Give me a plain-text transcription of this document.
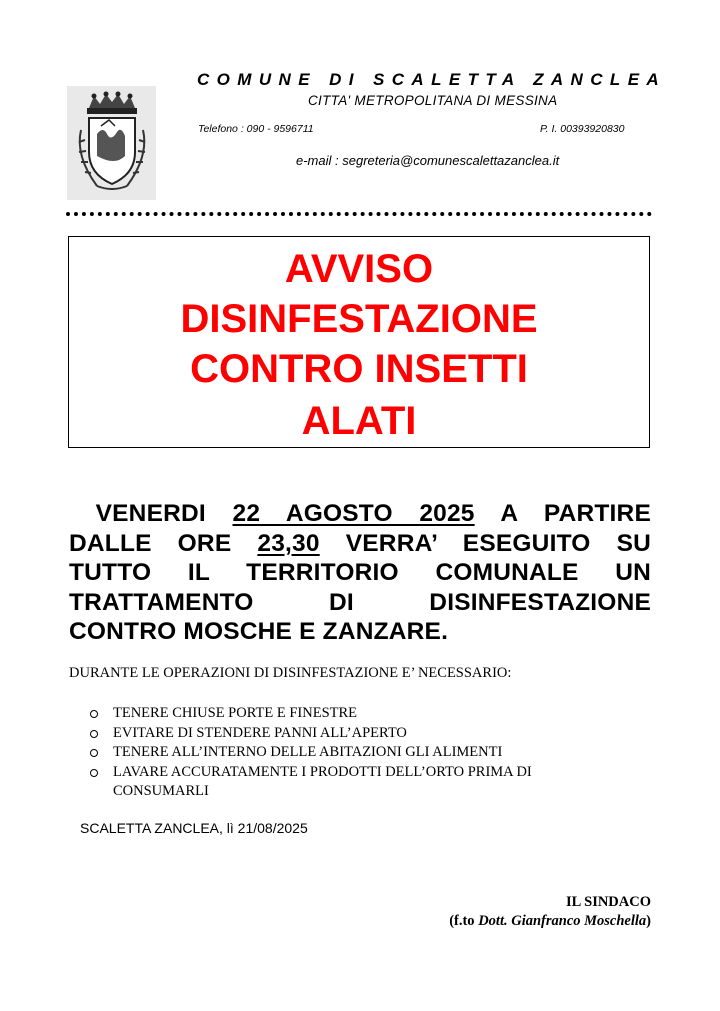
COMUNE DI SCALETTA ZANCLEA
CITTA' METROPOLITANA DI MESSINA
Telefono : 090 - 9596711	P. I. 00393920830
e-mail : segreteria@comunescalettazanclea.it
AVVISO
DISINFESTAZIONE
CONTRO INSETTI
ALATI
VENERDI 22 AGOSTO 2025 A PARTIRE
DALLE ORE 23,30 VERRA’ ESEGUITO SU
TUTTO IL TERRITORIO COMUNALE UN
TRATTAMENTO DI DISINFESTAZIONE
CONTRO MOSCHE E ZANZARE.
DURANTE LE OPERAZIONI DI DISINFESTAZIONE E’ NECESSARIO:
TENERE CHIUSE PORTE E FINESTRE
EVITARE DI STENDERE PANNI ALL’APERTO
TENERE ALL’INTERNO DELLE ABITAZIONI GLI ALIMENTI
LAVARE ACCURATAMENTE I PRODOTTI DELL’ORTO PRIMA DI
CONSUMARLI
SCALETTA ZANCLEA, lì 21/08/2025
IL SINDACO
(f.to Dott. Gianfranco Moschella)
